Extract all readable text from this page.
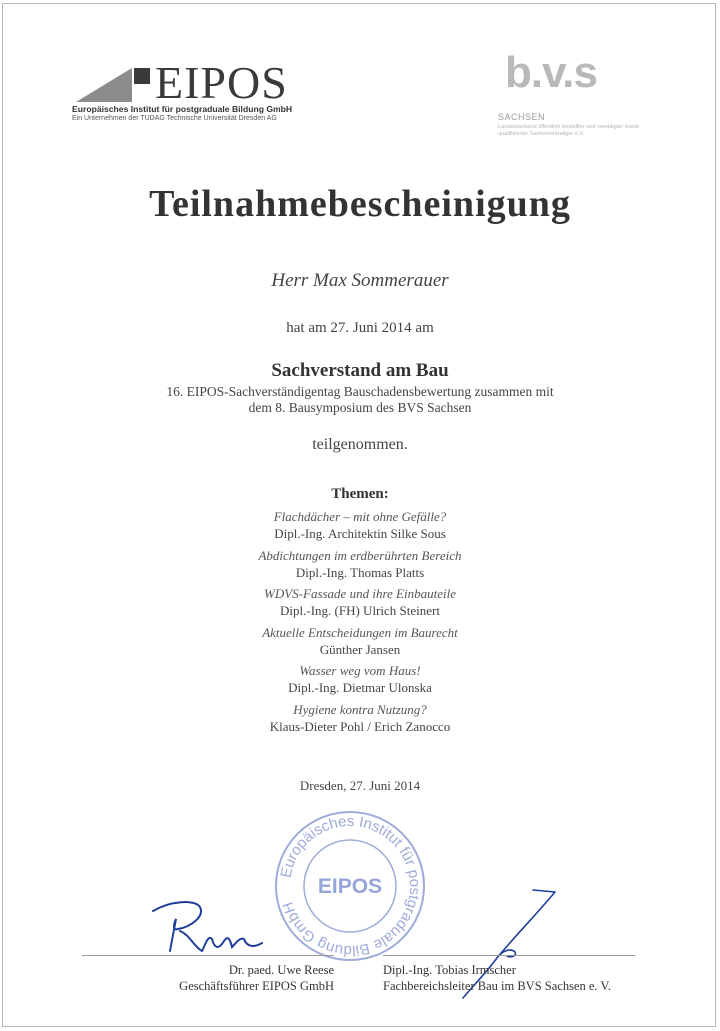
EIPOS
Europäisches Institut für postgraduale Bildung GmbH
Ein Unternehmen der TUDAG Technische Universität Dresden AG
b.v.s
SACHSEN
Landesverband öffentlich bestellter und vereidigter sowie qualifizierter Sachverständiger e.V.
Teilnahmebescheinigung
Herr Max Sommerauer
hat am 27. Juni 2014 am
Sachverstand am Bau
16. EIPOS-Sachverständigentag Bauschadensbewertung zusammen mit
dem 8. Bausymposium des BVS Sachsen
teilgenommen.
Themen:
Flachdächer – mit ohne Gefälle?
Dipl.-Ing. Architektin Silke Sous
Abdichtungen im erdberührten Bereich
Dipl.-Ing. Thomas Platts
WDVS-Fassade und ihre Einbauteile
Dipl.-Ing. (FH) Ulrich Steinert
Aktuelle Entscheidungen im Baurecht
Günther Jansen
Wasser weg vom Haus!
Dipl.-Ing. Dietmar Ulonska
Hygiene kontra Nutzung?
Klaus-Dieter Pohl / Erich Zanocco
Dresden, 27. Juni 2014
Europäisches Institut für postgraduale Bildung GmbH
EIPOS
Dr. paed. Uwe Reese
Geschäftsführer EIPOS GmbH
Dipl.-Ing. Tobias Irmscher
Fachbereichsleiter Bau im BVS Sachsen e. V.
